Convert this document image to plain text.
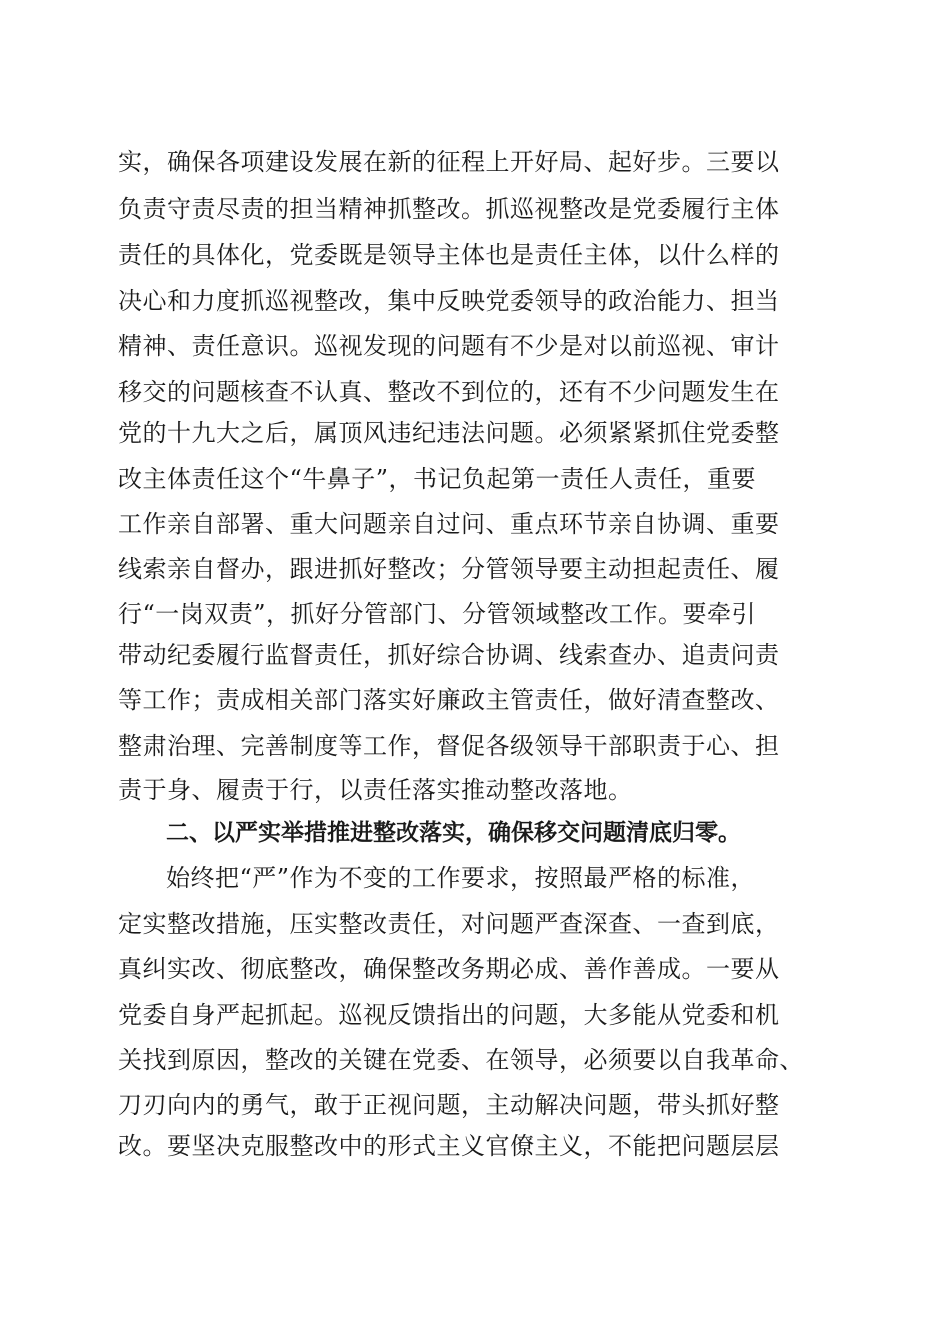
实，确保各项建设发展在新的征程上开好局、起好步。三要以
负责守责尽责的担当精神抓整改。抓巡视整改是党委履行主体
责任的具体化，党委既是领导主体也是责任主体，以什么样的
决心和力度抓巡视整改，集中反映党委领导的政治能力、担当
精神、责任意识。巡视发现的问题有不少是对以前巡视、审计
移交的问题核查不认真、整改不到位的，还有不少问题发生在
党的十九大之后，属顶风违纪违法问题。必须紧紧抓住党委整
改主体责任这个“牛鼻子”，书记负起第一责任人责任，重要
工作亲自部署、重大问题亲自过问、重点环节亲自协调、重要
线索亲自督办，跟进抓好整改；分管领导要主动担起责任、履
行“一岗双责”，抓好分管部门、分管领域整改工作。要牵引
带动纪委履行监督责任，抓好综合协调、线索查办、追责问责
等工作；责成相关部门落实好廉政主管责任，做好清查整改、
整肃治理、完善制度等工作，督促各级领导干部职责于心、担
责于身、履责于行，以责任落实推动整改落地。
二、以严实举措推进整改落实，确保移交问题清底归零。
始终把“严”作为不变的工作要求，按照最严格的标准，
定实整改措施，压实整改责任，对问题严查深查、一查到底，
真纠实改、彻底整改，确保整改务期必成、善作善成。一要从
党委自身严起抓起。巡视反馈指出的问题，大多能从党委和机
关找到原因，整改的关键在党委、在领导，必须要以自我革命、
刀刃向内的勇气，敢于正视问题，主动解决问题，带头抓好整
改。要坚决克服整改中的形式主义官僚主义，不能把问题层层
